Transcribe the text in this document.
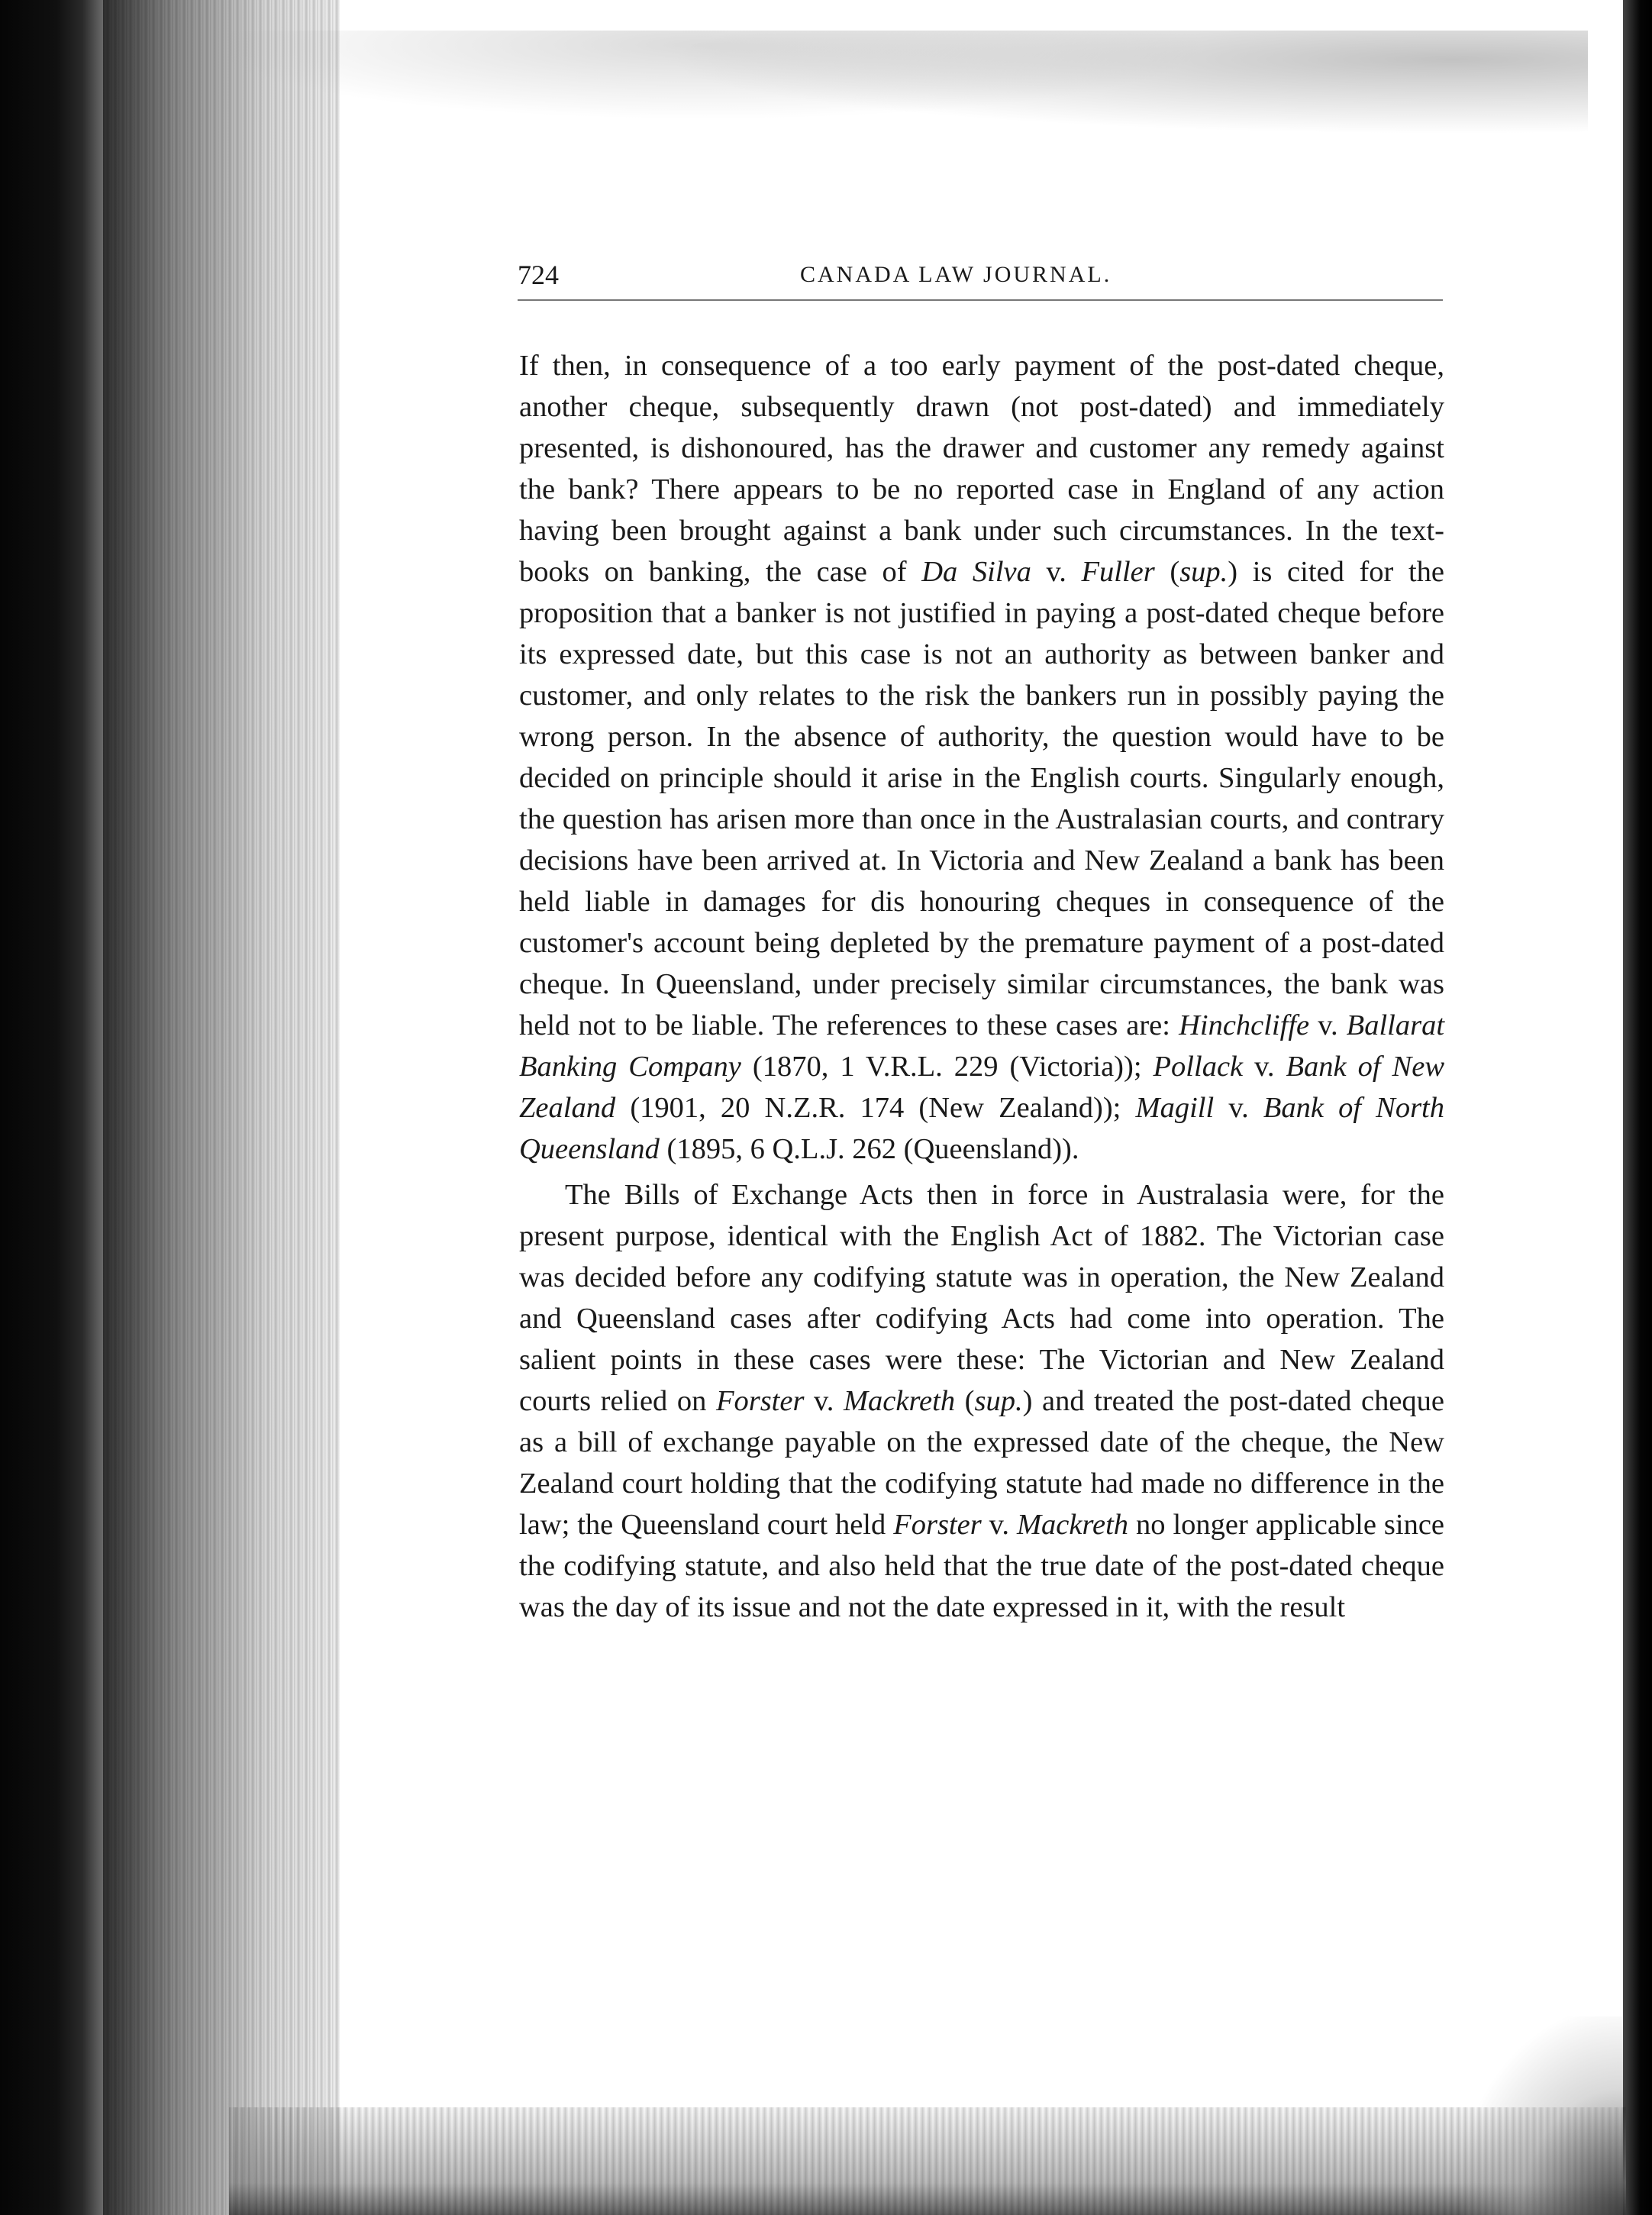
724	CANADA LAW JOURNAL.

If then, in consequence of a too early payment of the post-dated cheque, another cheque, subsequently drawn (not post-dated) and immediately presented, is dishonoured, has the drawer and customer any remedy against the bank? There appears to be no reported case in England of any action having been brought against a bank under such circumstances. In the text-books on banking, the case of Da Silva v. Fuller (sup.) is cited for the proposition that a banker is not justified in paying a post-dated cheque before its expressed date, but this case is not an authority as between banker and customer, and only relates to the risk the bankers run in possibly paying the wrong person. In the absence of authority, the question would have to be decided on principle should it arise in the English courts. Singularly enough, the question has arisen more than once in the Australasian courts, and contrary decisions have been arrived at. In Victoria and New Zealand a bank has been held liable in damages for dis honouring cheques in consequence of the customer's account being depleted by the premature payment of a post-dated cheque. In Queensland, under precisely similar circumstances, the bank was held not to be liable. The references to these cases are: Hinchcliffe v. Ballarat Banking Company (1870, 1 V.R.L. 229 (Victoria)); Pollack v. Bank of New Zealand (1901, 20 N.Z.R. 174 (New Zealand)); Magill v. Bank of North Queensland (1895, 6 Q.L.J. 262 (Queensland)).

The Bills of Exchange Acts then in force in Australasia were, for the present purpose, identical with the English Act of 1882. The Victorian case was decided before any codifying statute was in operation, the New Zealand and Queensland cases after codifying Acts had come into operation. The salient points in these cases were these: The Victorian and New Zealand courts relied on Forster v. Mackreth (sup.) and treated the post-dated cheque as a bill of exchange payable on the expressed date of the cheque, the New Zealand court holding that the codifying statute had made no difference in the law; the Queensland court held Forster v. Mackreth no longer applicable since the codifying statute, and also held that the true date of the post-dated cheque was the day of its issue and not the date expressed in it, with the result
